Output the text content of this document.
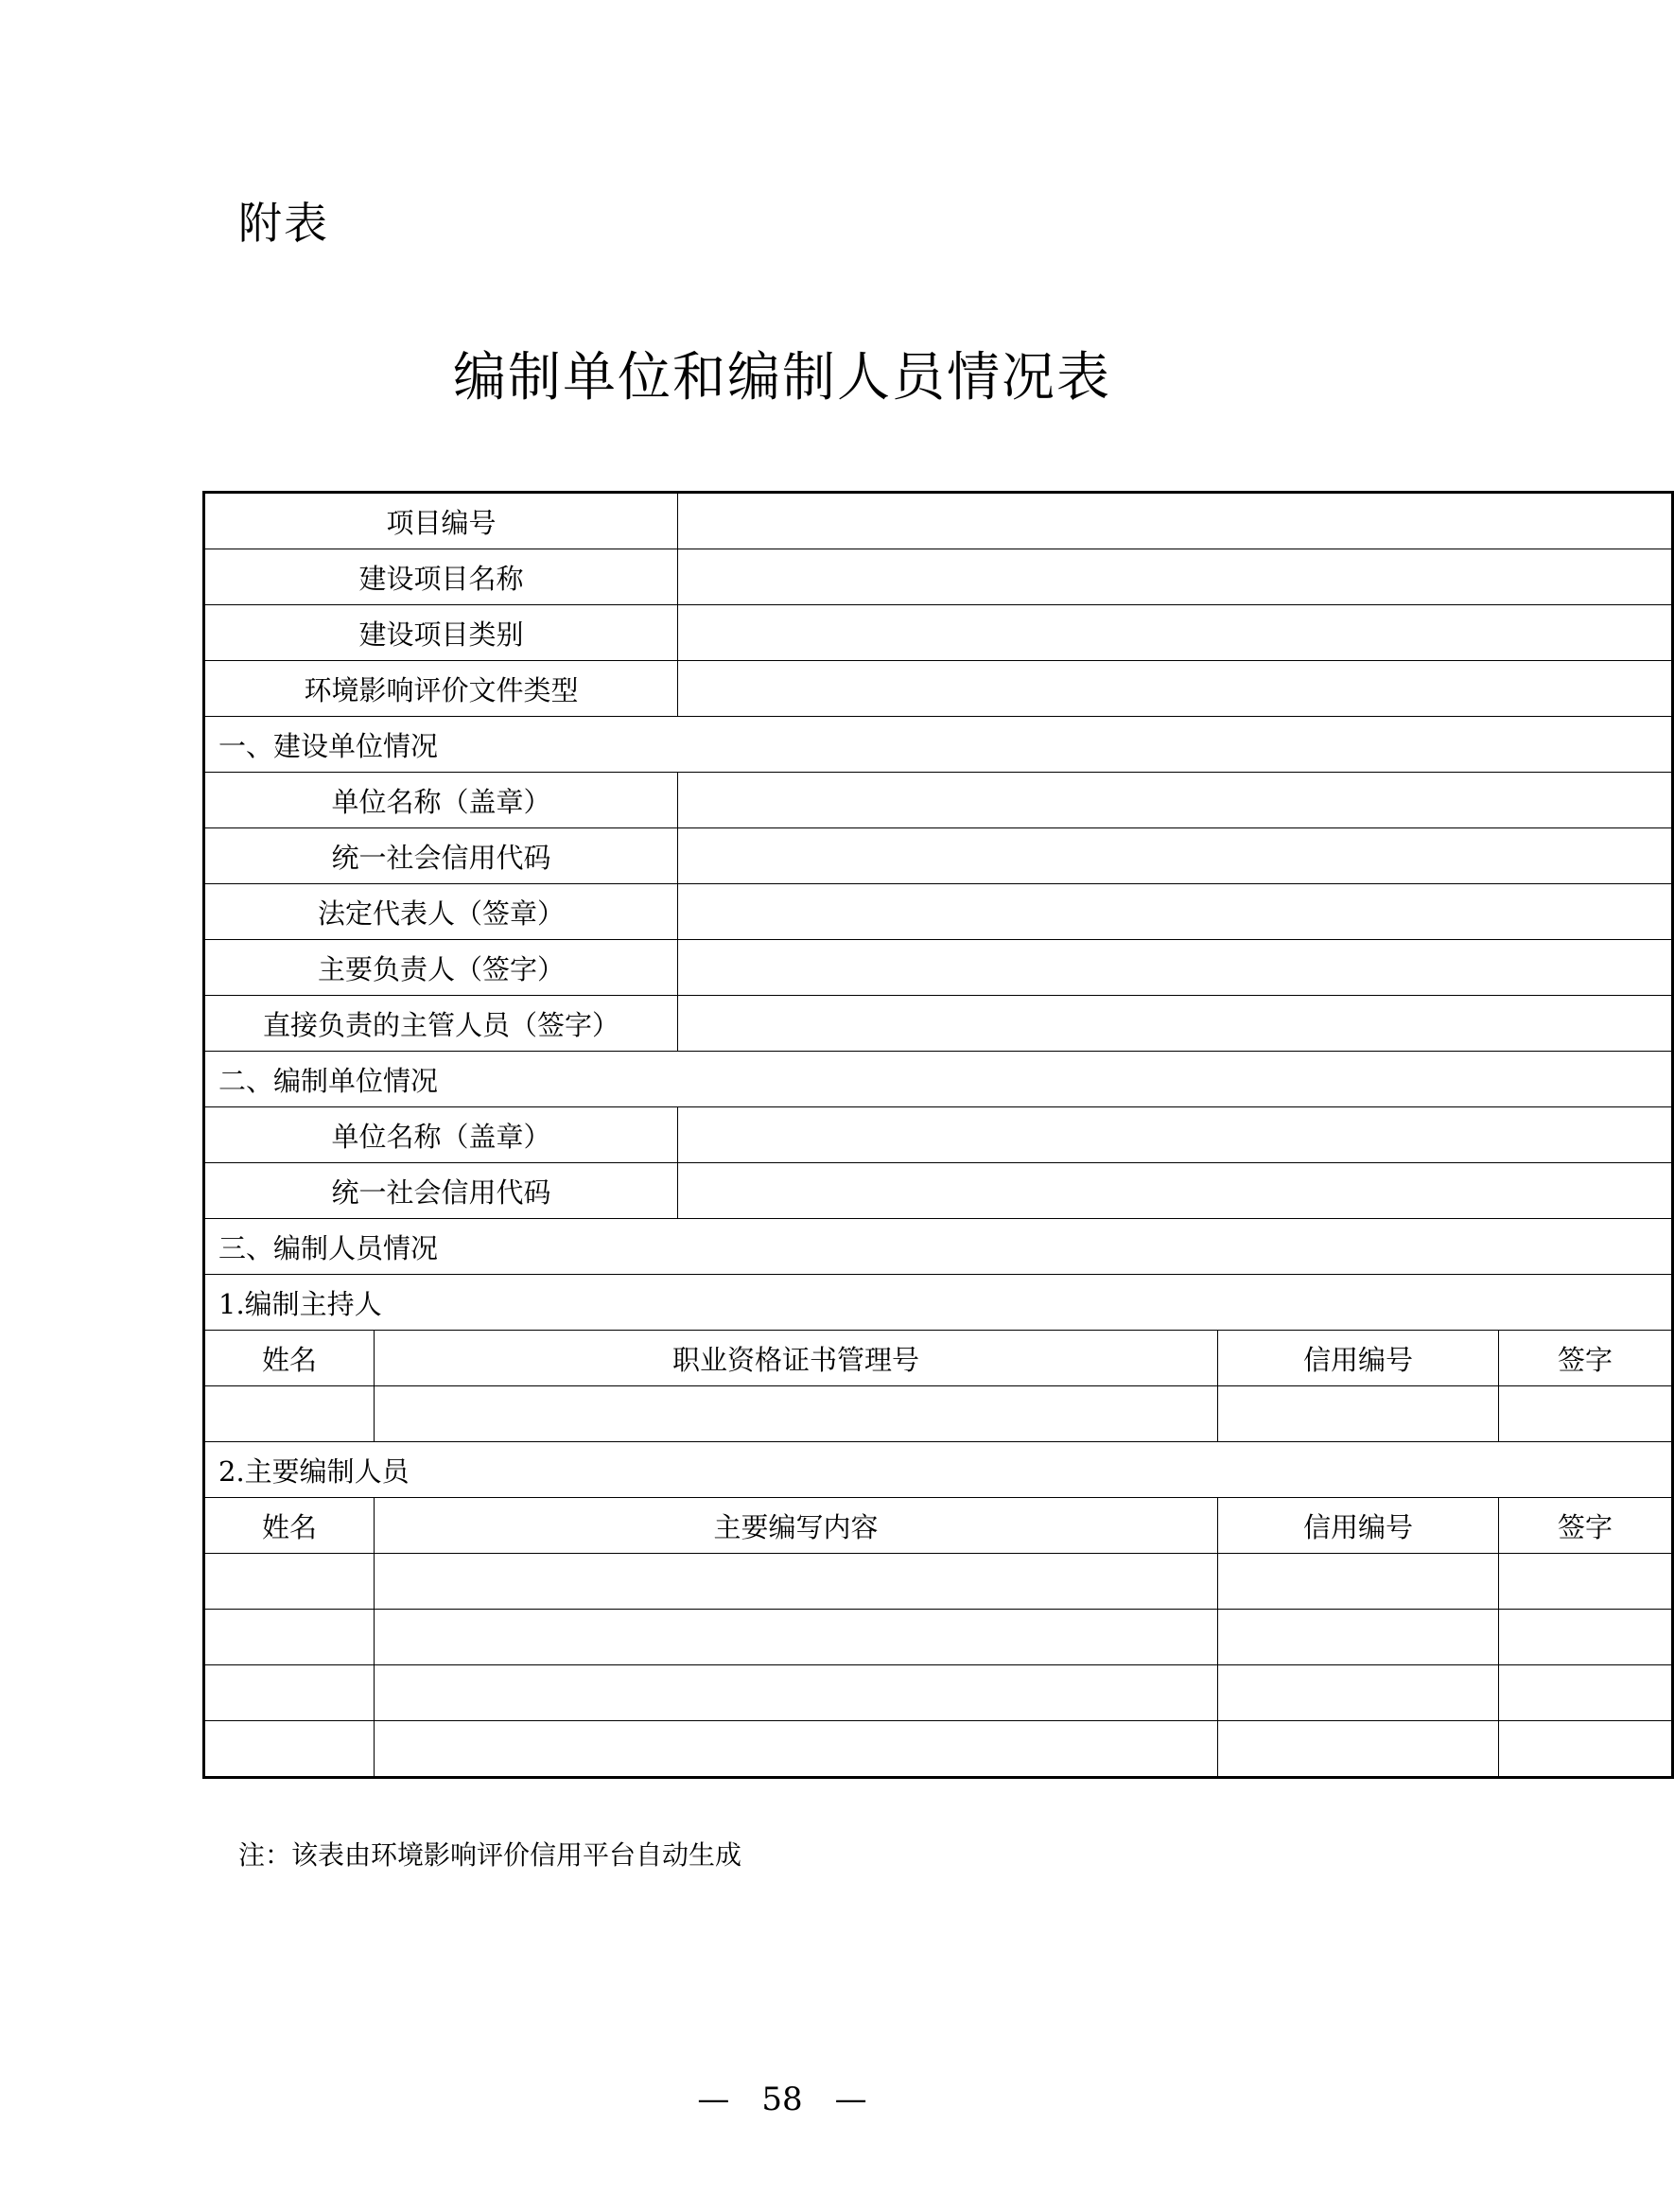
附表
编制单位和编制人员情况表
项目编号				
建设项目名称				
建设项目类别				
环境影响评价文件类型				
一、建设单位情况				
单位名称（盖章）				
统一社会信用代码				
法定代表人（签章）				
主要负责人（签字）				
直接负责的主管人员（签字）				
二、编制单位情况				
单位名称（盖章）				
统一社会信用代码				
三、编制人员情况				
1.编制主持人				
姓名	职业资格证书管理号		信用编号	签字

2.主要编制人员				
姓名	主要编写内容		信用编号	签字

注：该表由环境影响评价信用平台自动生成
—　58　—
